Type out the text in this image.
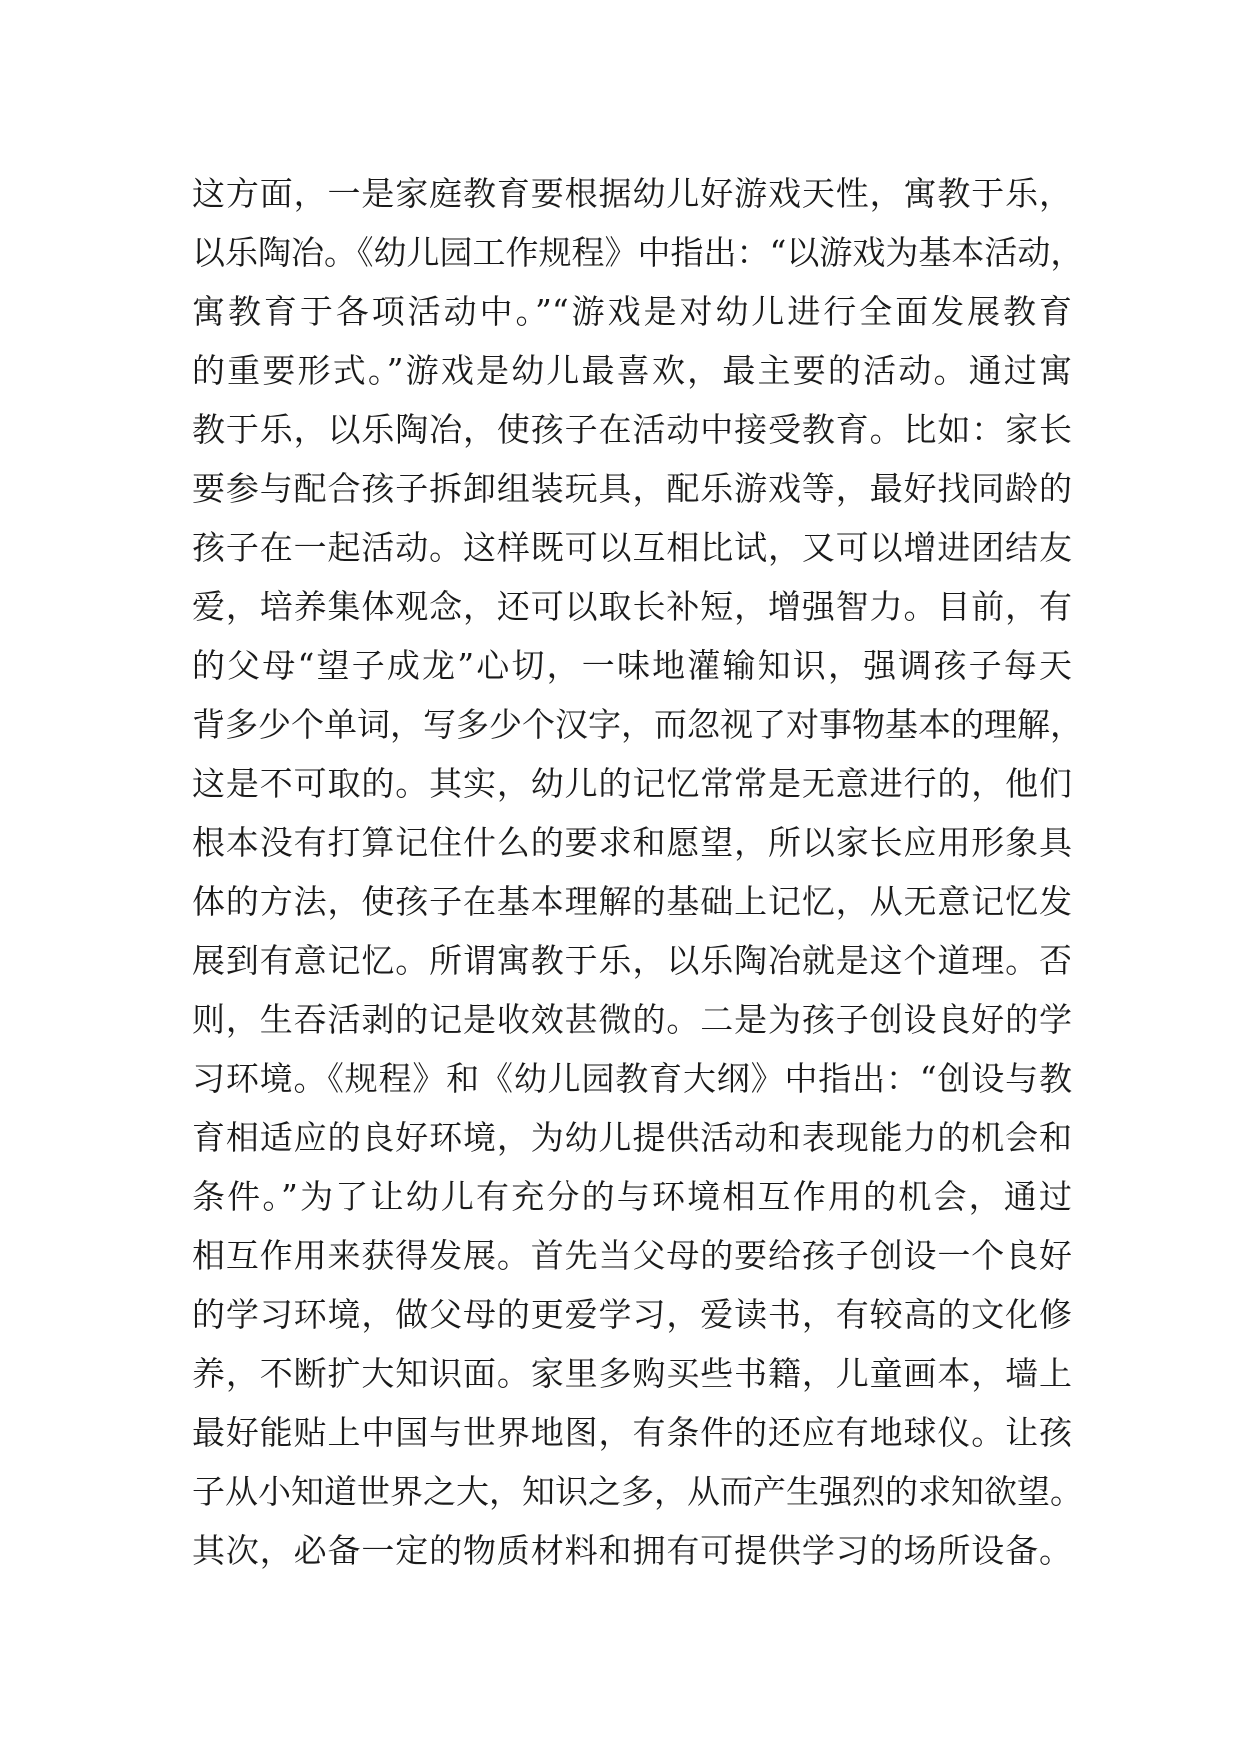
这方面，一是家庭教育要根据幼儿好游戏天性，寓教于乐，
以乐陶冶。《幼儿园工作规程》中指出：“以游戏为基本活动，
寓教育于各项活动中。”“游戏是对幼儿进行全面发展教育
的重要形式。”游戏是幼儿最喜欢，最主要的活动。通过寓
教于乐，以乐陶冶，使孩子在活动中接受教育。比如：家长
要参与配合孩子拆卸组装玩具，配乐游戏等，最好找同龄的
孩子在一起活动。这样既可以互相比试，又可以增进团结友
爱，培养集体观念，还可以取长补短，增强智力。目前，有
的父母“望子成龙”心切，一味地灌输知识，强调孩子每天
背多少个单词，写多少个汉字，而忽视了对事物基本的理解，
这是不可取的。其实，幼儿的记忆常常是无意进行的，他们
根本没有打算记住什么的要求和愿望，所以家长应用形象具
体的方法，使孩子在基本理解的基础上记忆，从无意记忆发
展到有意记忆。所谓寓教于乐，以乐陶冶就是这个道理。否
则，生吞活剥的记是收效甚微的。二是为孩子创设良好的学
习环境。《规程》和《幼儿园教育大纲》中指出：“创设与教
育相适应的良好环境，为幼儿提供活动和表现能力的机会和
条件。”为了让幼儿有充分的与环境相互作用的机会，通过
相互作用来获得发展。首先当父母的要给孩子创设一个良好
的学习环境，做父母的更爱学习，爱读书，有较高的文化修
养，不断扩大知识面。家里多购买些书籍，儿童画本，墙上
最好能贴上中国与世界地图，有条件的还应有地球仪。让孩
子从小知道世界之大，知识之多，从而产生强烈的求知欲望。
其次，必备一定的物质材料和拥有可提供学习的场所设备。
